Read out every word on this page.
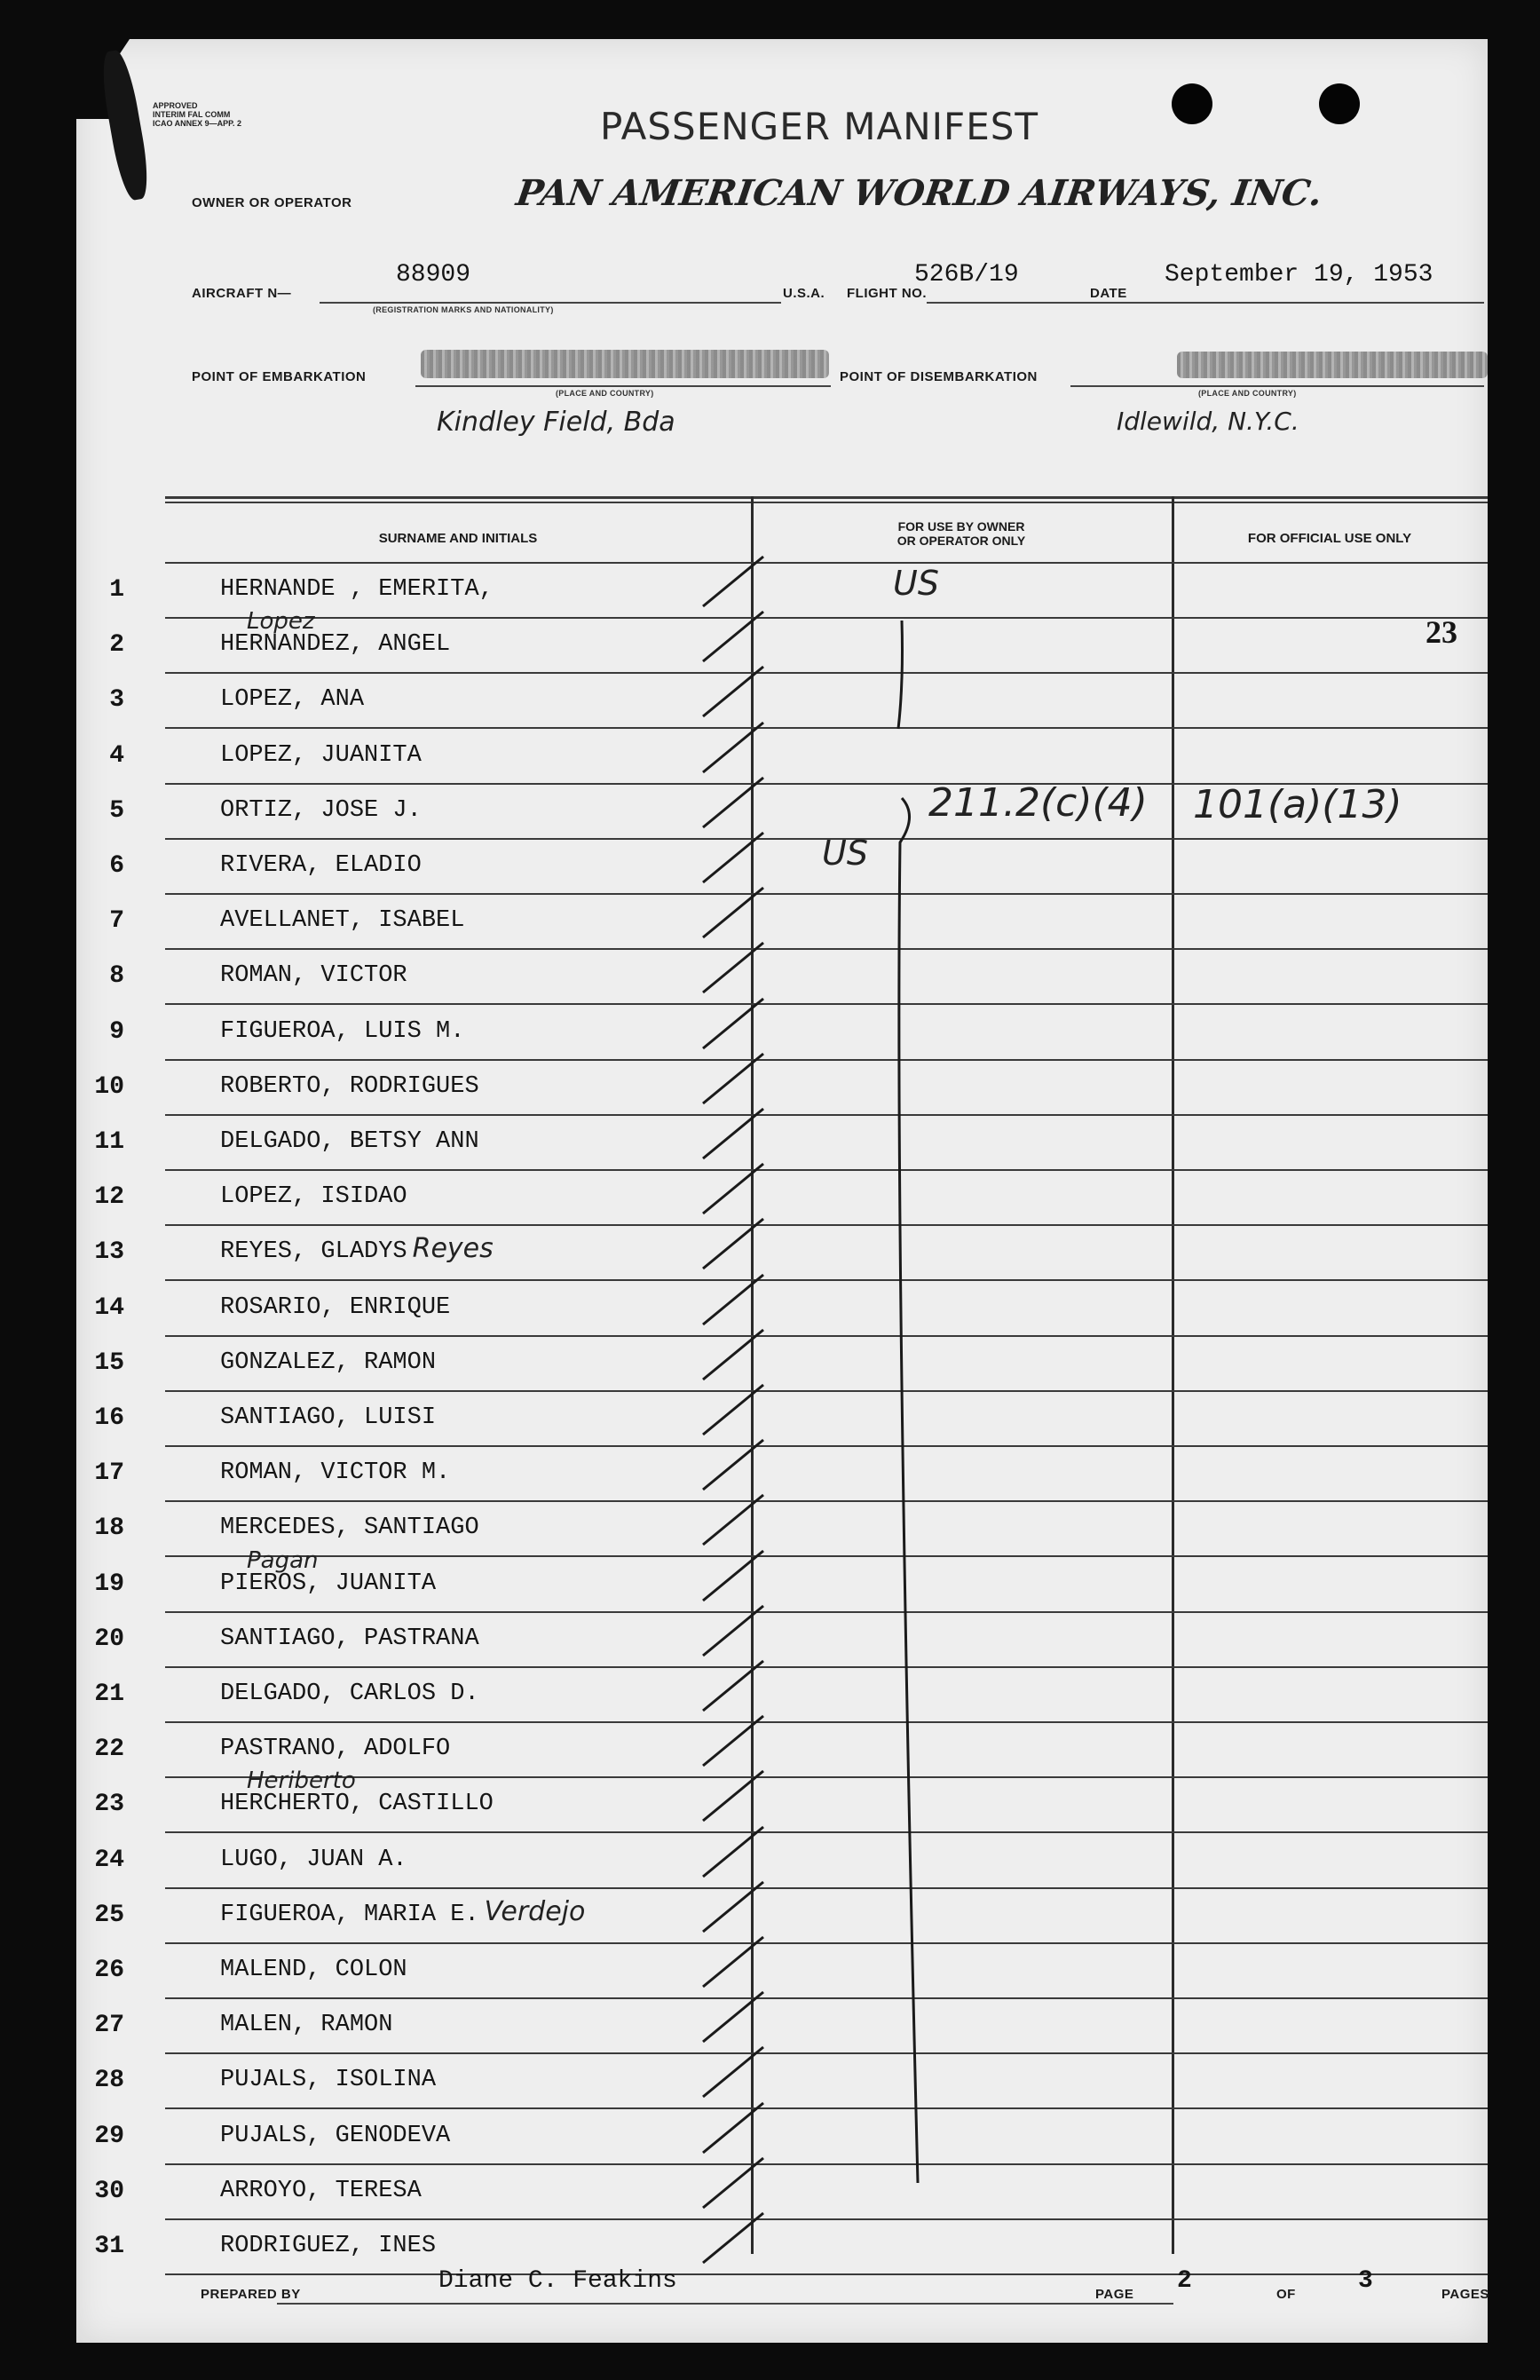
APPROVED
INTERIM FAL COMM
ICAO ANNEX 9—APP. 2	PASSENGER MANIFEST
OWNER OR OPERATOR	PAN AMERICAN WORLD AIRWAYS, INC.
AIRCRAFT N—
88909
(REGISTRATION MARKS AND NATIONALITY)
U.S.A. FLIGHT NO.
526B/19
DATE
September 19, 1953
POINT OF EMBARKATION
(PLACE AND COUNTRY)
Kindley Field, Bda
POINT OF DISEMBARKATION
(PLACE AND COUNTRY)
Idlewild, N.Y.C.
SURNAME AND INITIALS
FOR USE BY OWNER
OR OPERATOR ONLY	FOR OFFICIAL USE ONLY
1	HERNANDE , EMERITA,
2	HERNANDEZ, ANGEL
Lopez
3	LOPEZ, ANA
4	LOPEZ, JUANITA
5	ORTIZ, JOSE J.
6	RIVERA, ELADIO
7	AVELLANET, ISABEL
8	ROMAN, VICTOR
9	FIGUEROA, LUIS M.
10	ROBERTO, RODRIGUES
11	DELGADO, BETSY ANN
12	LOPEZ, ISIDAO
13	REYES, GLADYS Reyes
14	ROSARIO, ENRIQUE
15	GONZALEZ, RAMON
16	SANTIAGO, LUISI
17	ROMAN, VICTOR M.
18	MERCEDES, SANTIAGO
19	PIEROS, JUANITA
Pagan
20	SANTIAGO, PASTRANA
21	DELGADO, CARLOS D.
22	PASTRANO, ADOLFO
23	HERCHERTO, CASTILLO
Heriberto
24	LUGO, JUAN A.
25	FIGUEROA, MARIA E. Verdejo
26	MALEND, COLON
27	MALEN, RAMON
28	PUJALS, ISOLINA
29	PUJALS, GENODEVA
30	ARROYO, TERESA
31	RODRIGUEZ, INES
US
23
211.2(c)(4) 101(a)(13)
US
PREPARED BY	Diane C. Feakins	PAGE 2	OF	3	PAGES
